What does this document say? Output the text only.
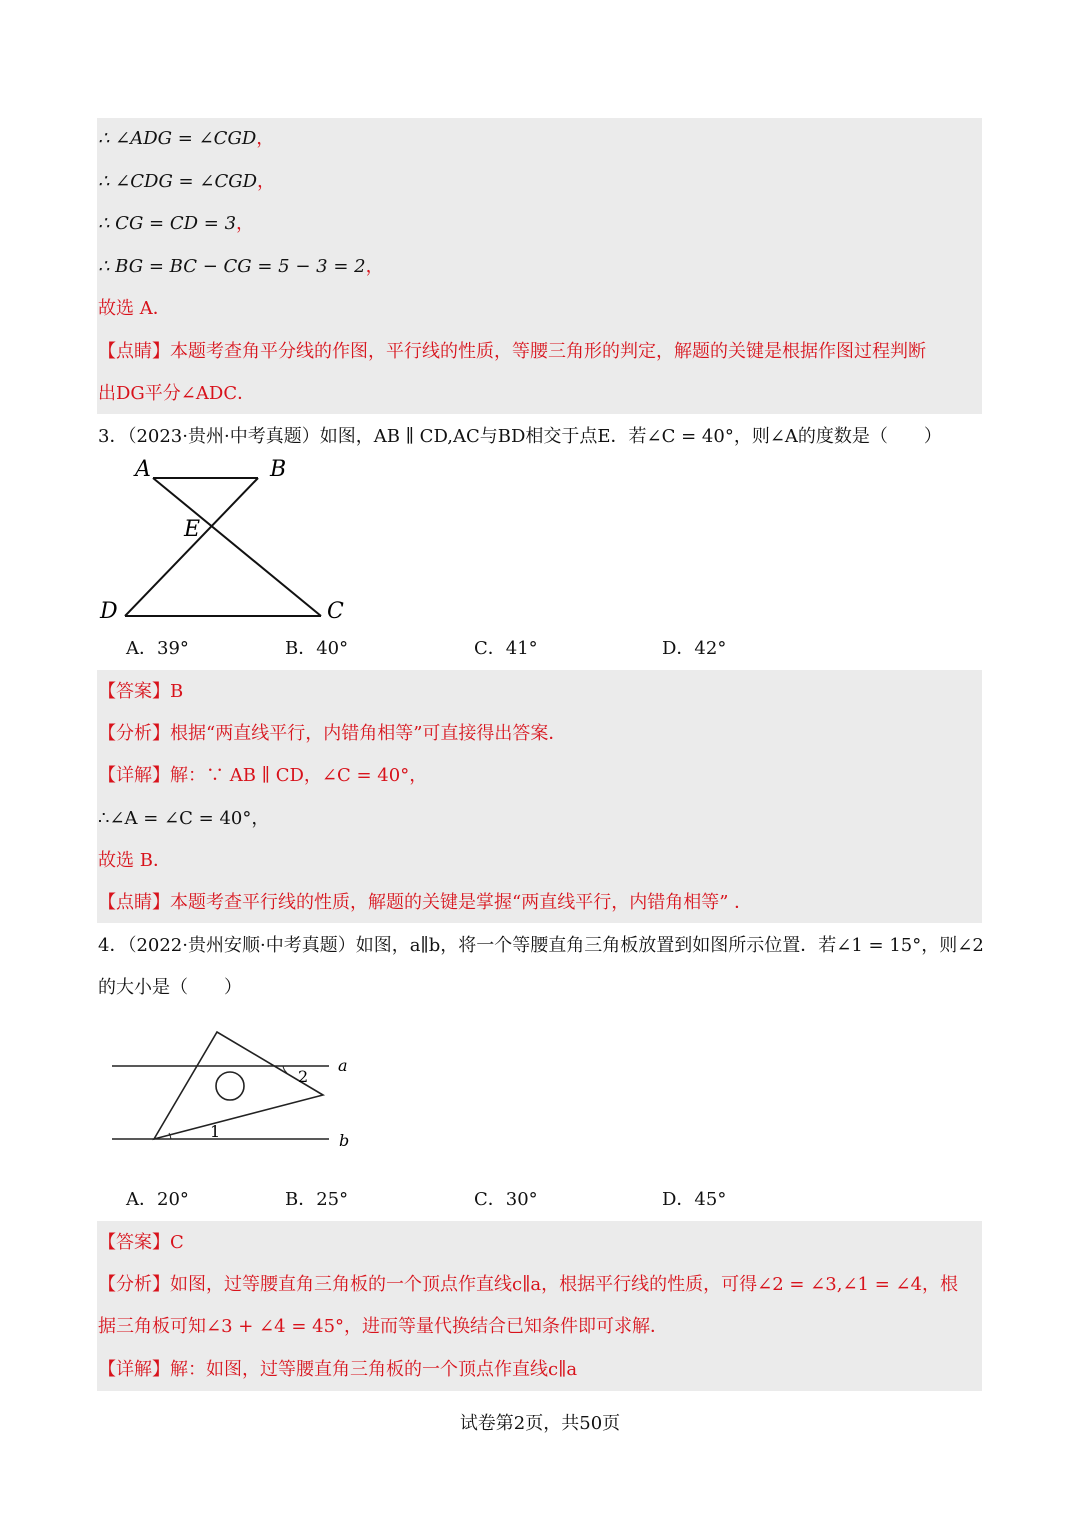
∴ ∠ADG = ∠CGD，
∴ ∠CDG = ∠CGD，
∴ CG = CD = 3，
∴ BG = BC − CG = 5 − 3 = 2，
故选 A．
【点睛】本题考查角平分线的作图，平行线的性质，等腰三角形的判定，解题的关键是根据作图过程判断
出DG平分∠ADC．
3．（2023·贵州·中考真题）如图，AB ∥ CD,AC与BD相交于点E．若∠C = 40°，则∠A的度数是（　　）
A	B
E
D	C
A．39°	B．40°	C．41°	D．42°
【答案】B
【分析】根据“两直线平行，内错角相等”可直接得出答案．
【详解】解：∵ AB ∥ CD，∠C = 40°，
∴∠A = ∠C = 40°，
故选 B．
【点睛】本题考查平行线的性质，解题的关键是掌握“两直线平行，内错角相等” ．
4．（2022·贵州安顺·中考真题）如图，a∥b，将一个等腰直角三角板放置到如图所示位置．若∠1 = 15°，则∠2
的大小是（　　）
1
2
a
b
A．20°	B．25°	C．30°	D．45°
【答案】C
【分析】如图，过等腰直角三角板的一个顶点作直线c∥a，根据平行线的性质，可得∠2 = ∠3,∠1 = ∠4，根
据三角板可知∠3 + ∠4 = 45°，进而等量代换结合已知条件即可求解．
【详解】解：如图，过等腰直角三角板的一个顶点作直线c∥a
试卷第2页，共50页
